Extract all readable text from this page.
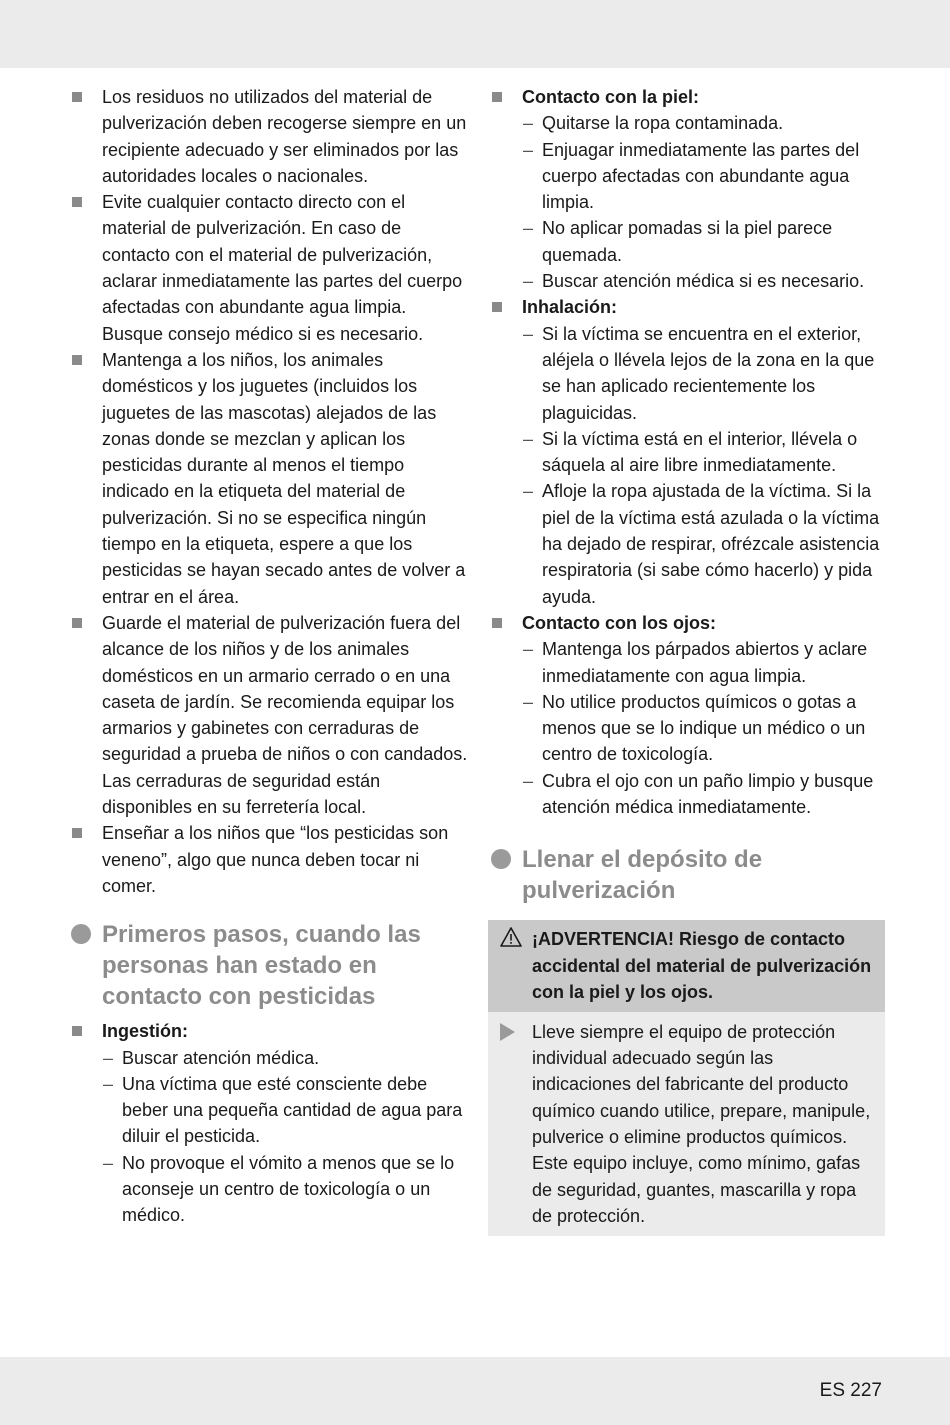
Los residuos no utilizados del material de pulverización deben recogerse siempre en un recipiente adecuado y ser eliminados por las autoridades locales o nacionales.
Evite cualquier contacto directo con el material de pulverización. En caso de contacto con el material de pulverización, aclarar inmediatamente las partes del cuerpo afectadas con abundante agua limpia. Busque consejo médico si es necesario.
Mantenga a los niños, los animales domésticos y los juguetes (incluidos los juguetes de las mascotas) alejados de las zonas donde se mezclan y aplican los pesticidas durante al menos el tiempo indicado en la etiqueta del material de pulverización. Si no se especifica ningún tiempo en la etiqueta, espere a que los pesticidas se hayan secado antes de volver a entrar en el área.
Guarde el material de pulverización fuera del alcance de los niños y de los animales domésticos en un armario cerrado o en una caseta de jardín. Se recomienda equipar los armarios y gabinetes con cerraduras de seguridad a prueba de niños o con candados. Las cerraduras de seguridad están disponibles en su ferretería local.
Enseñar a los niños que “los pesticidas son veneno”, algo que nunca deben tocar ni comer.
Primeros pasos, cuando las personas han estado en contacto con pesticidas
Ingestión:
– Buscar atención médica.
– Una víctima que esté consciente debe beber una pequeña cantidad de agua para diluir el pesticida.
– No provoque el vómito a menos que se lo aconseje un centro de toxicología o un médico.
Contacto con la piel:
– Quitarse la ropa contaminada.
– Enjuagar inmediatamente las partes del cuerpo afectadas con abundante agua limpia.
– No aplicar pomadas si la piel parece quemada.
– Buscar atención médica si es necesario.
Inhalación:
– Si la víctima se encuentra en el exterior, aléjela o llévela lejos de la zona en la que se han aplicado recientemente los plaguicidas.
– Si la víctima está en el interior, llévela o sáquela al aire libre inmediatamente.
– Afloje la ropa ajustada de la víctima. Si la piel de la víctima está azulada o la víctima ha dejado de respirar, ofrézcale asistencia respiratoria (si sabe cómo hacerlo) y pida ayuda.
Contacto con los ojos:
– Mantenga los párpados abiertos y aclare inmediatamente con agua limpia.
– No utilice productos químicos o gotas a menos que se lo indique un médico o un centro de toxicología.
– Cubra el ojo con un paño limpio y busque atención médica inmediatamente.
Llenar el depósito de pulverización
¡ADVERTENCIA! Riesgo de contacto accidental del material de pulverización con la piel y los ojos.
Lleve siempre el equipo de protección individual adecuado según las indicaciones del fabricante del producto químico cuando utilice, prepare, manipule, pulverice o elimine productos químicos. Este equipo incluye, como mínimo, gafas de seguridad, guantes, mascarilla y ropa de protección.
ES 227
